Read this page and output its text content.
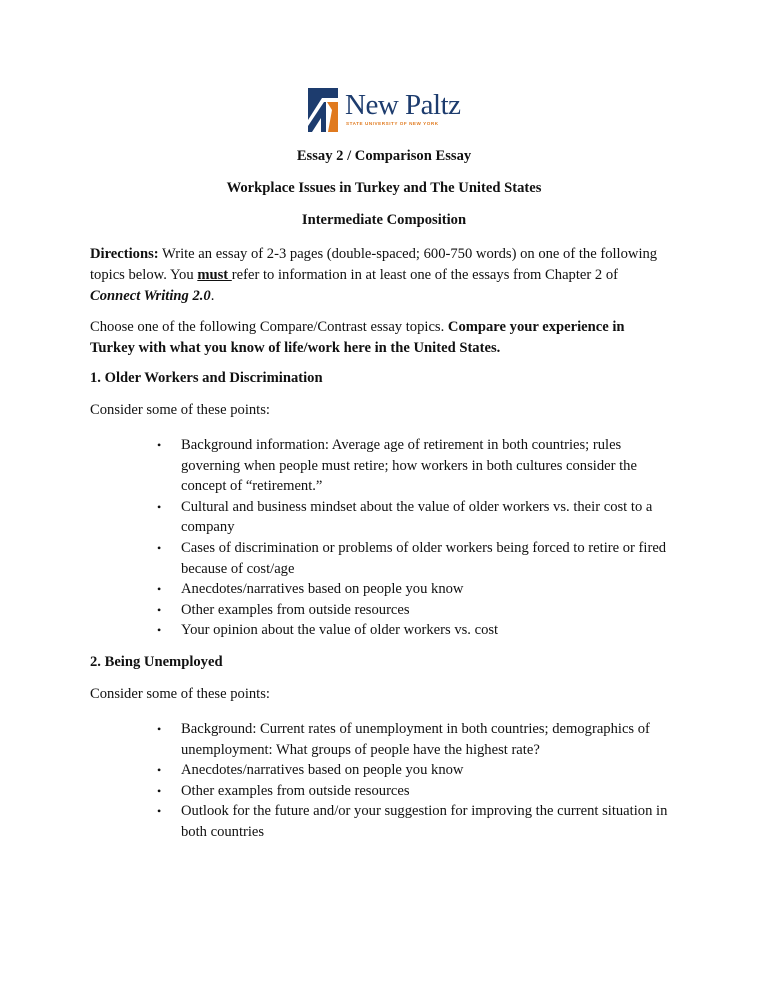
New Paltz
STATE UNIVERSITY OF NEW YORK
Essay 2 / Comparison Essay
Workplace Issues in Turkey and The United States
Intermediate Composition
Directions: Write an essay of 2-3 pages (double-spaced; 600-750 words) on one of the following
topics below. You must refer to information in at least one of the essays from Chapter 2 of
Connect Writing 2.0.
Choose one of the following Compare/Contrast essay topics. Compare your experience in
Turkey with what you know of life/work here in the United States.
1. Older Workers and Discrimination
Consider some of these points:
• Background information: Average age of retirement in both countries; rules governing when people must retire; how workers in both cultures consider the concept of “retirement.”
• Cultural and business mindset about the value of older workers vs. their cost to a company
• Cases of discrimination or problems of older workers being forced to retire or fired because of cost/age
• Anecdotes/narratives based on people you know
• Other examples from outside resources
• Your opinion about the value of older workers vs. cost
2. Being Unemployed
Consider some of these points:
• Background: Current rates of unemployment in both countries; demographics of unemployment: What groups of people have the highest rate?
• Anecdotes/narratives based on people you know
• Other examples from outside resources
• Outlook for the future and/or your suggestion for improving the current situation in both countries
